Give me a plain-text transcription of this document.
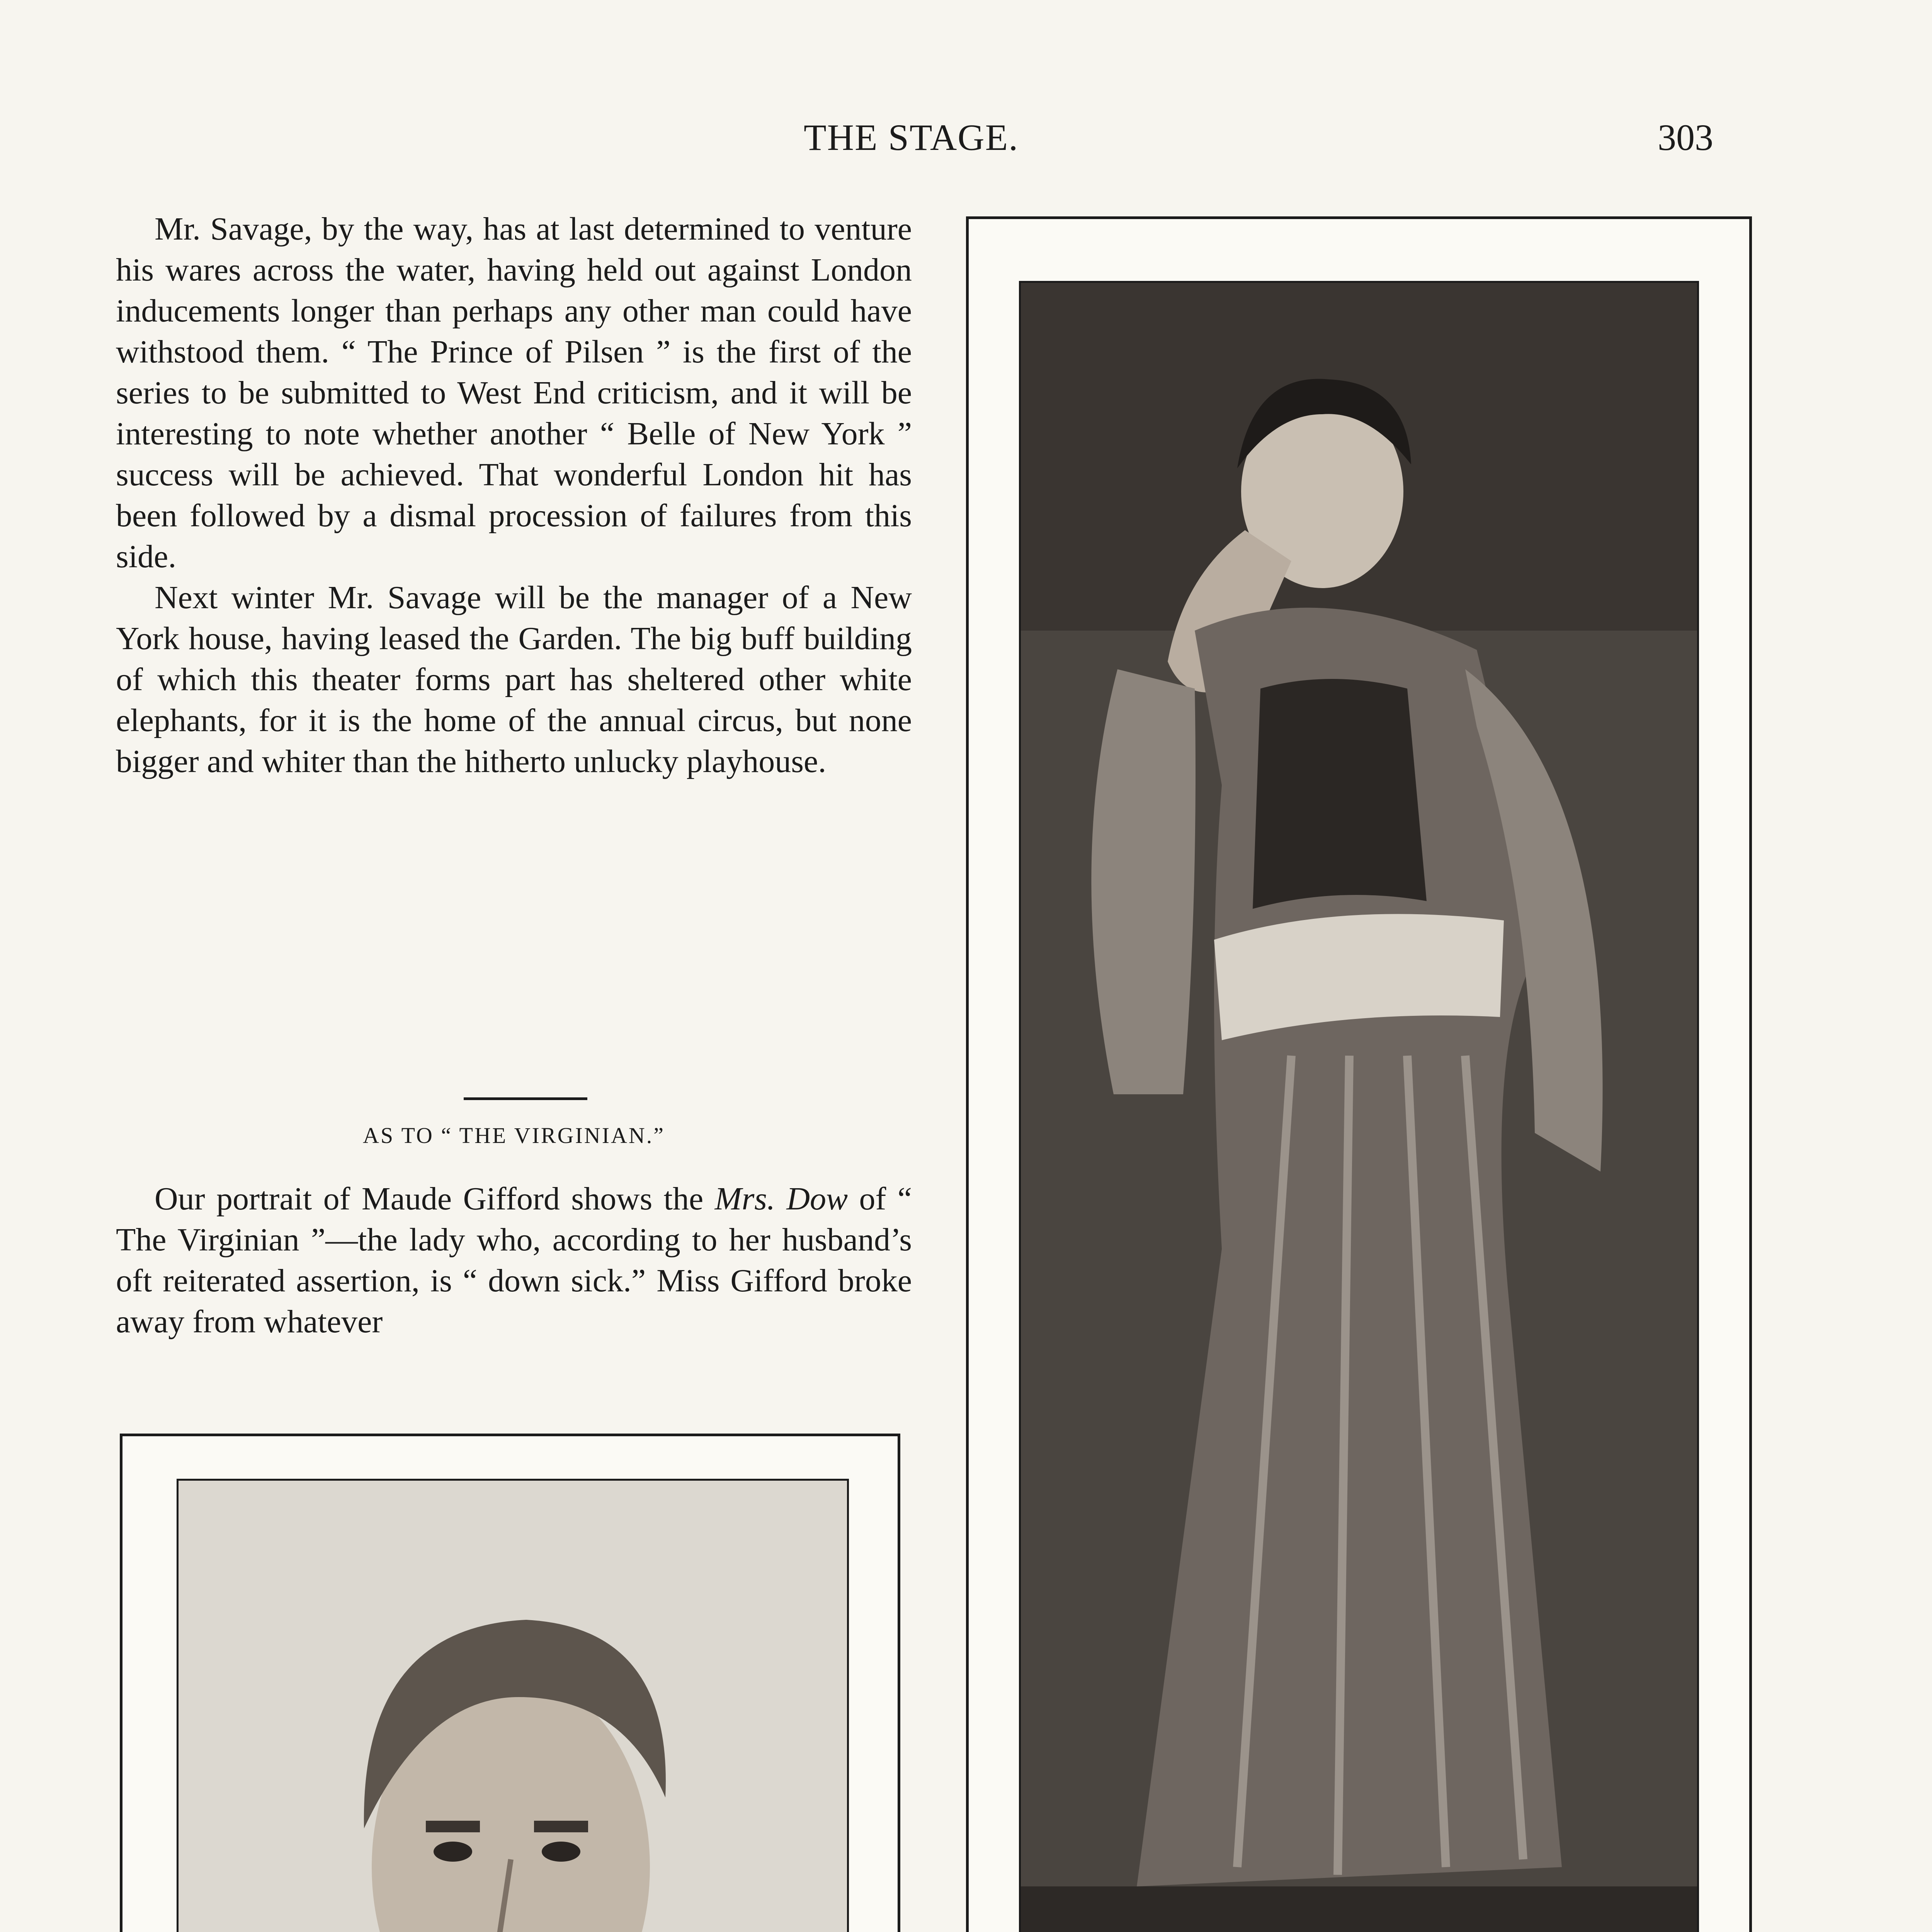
THE STAGE.	303

Mr. Savage, by the way, has at last determined to venture his wares across the water, having held out against London inducements longer than perhaps any other man could have withstood them. “ The Prince of Pilsen ” is the first of the series to be submitted to West End criticism, and it will be interesting to note whether another “ Belle of New York ” success will be achieved. That wonderful London hit has been followed by a dismal procession of failures from this side.

Next winter Mr. Savage will be the manager of a New York house, having leased the Garden. The big buff building of which this theater forms part has sheltered other white elephants, for it is the home of the annual circus, but none bigger and whiter than the hitherto unlucky playhouse.

AS TO “ THE VIRGINIAN.”

Our portrait of Maude Gifford shows the Mrs. Dow of “ The Virginian ”—the lady who, according to her husband’s oft reiterated assertion, is “ down sick.” Miss Gifford broke away from whatever
